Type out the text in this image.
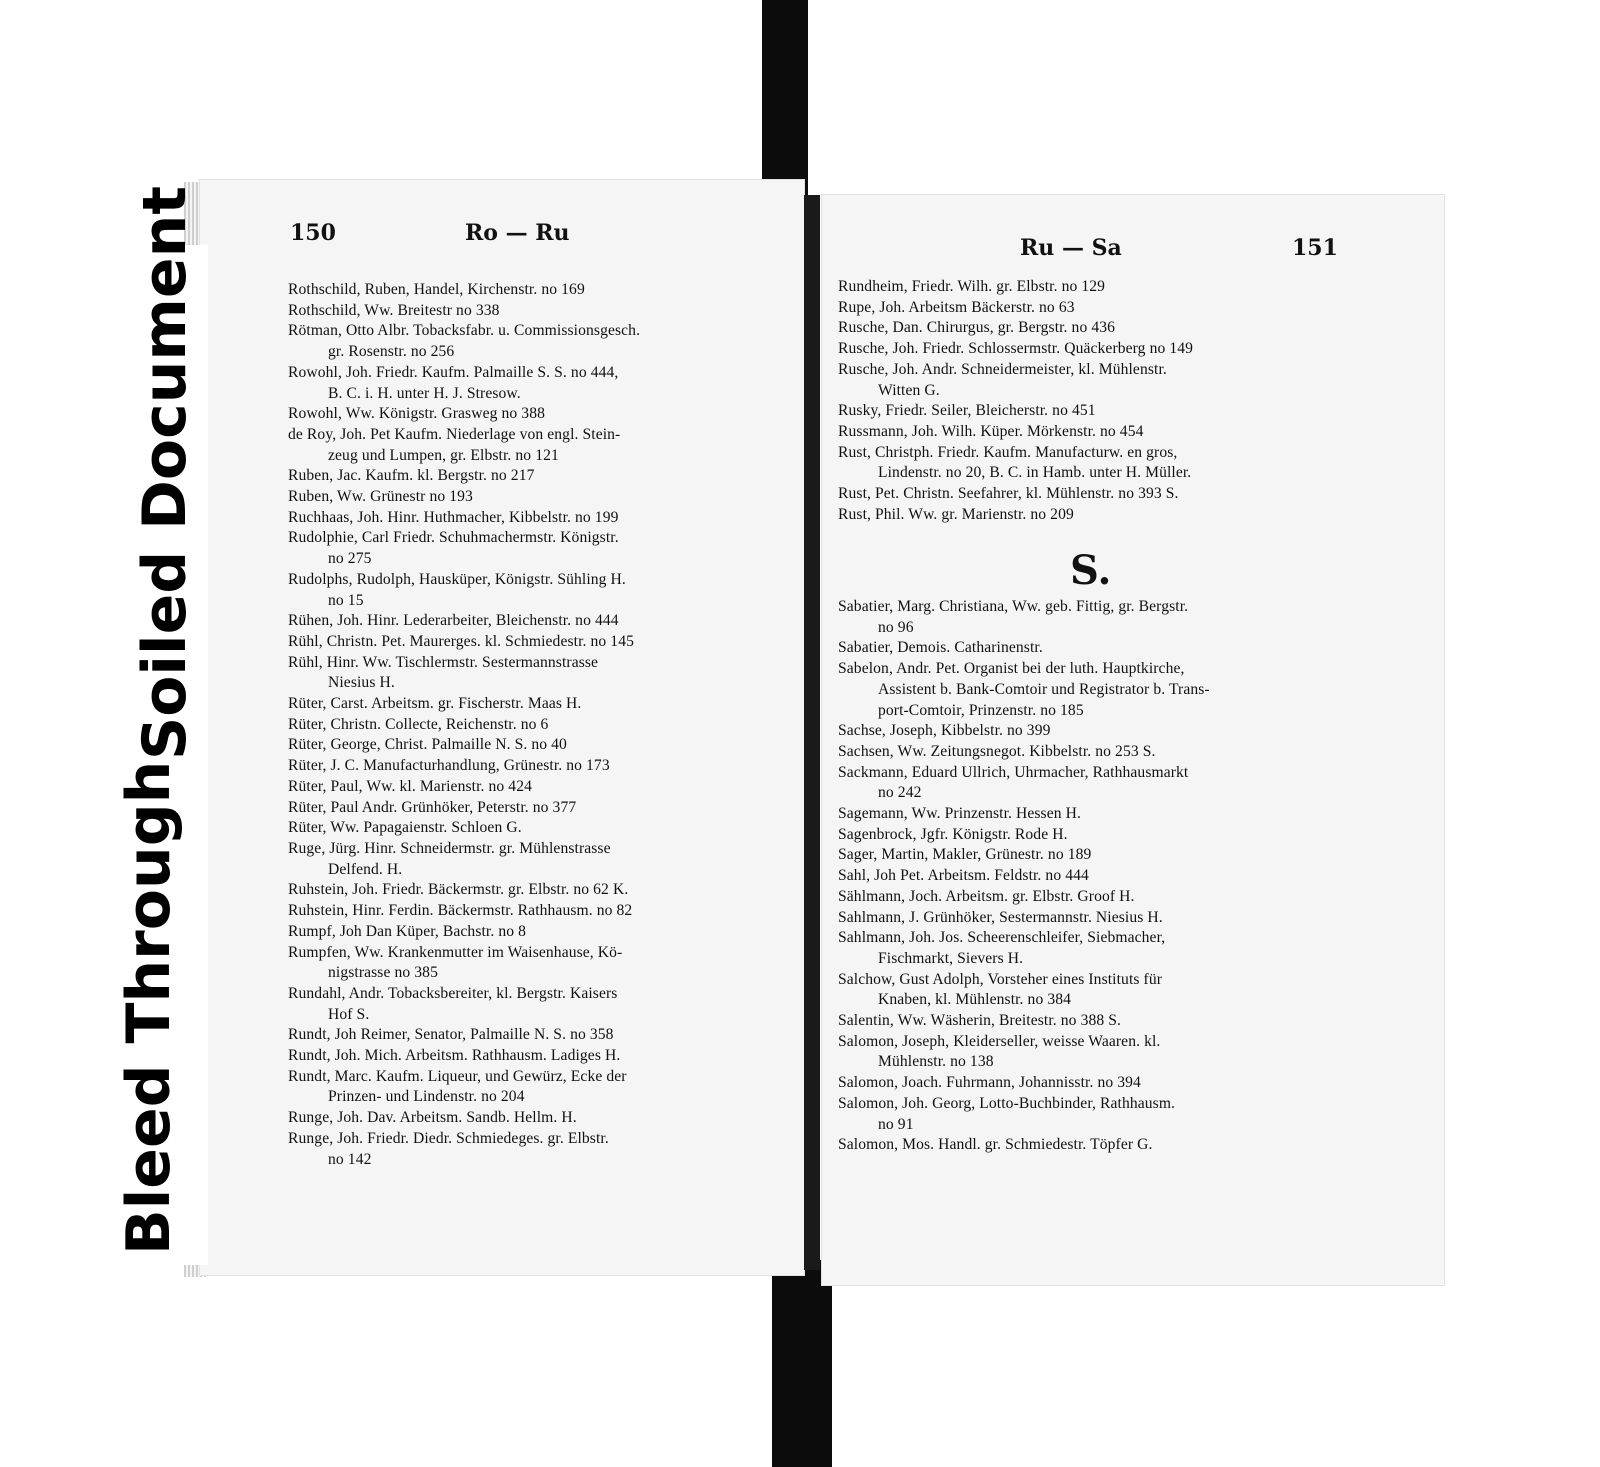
150	Ro — Ru
Rothschild, Ruben, Handel, Kirchenstr. no 169
Rothschild, Ww. Breitestr no 338
Rötman, Otto Albr. Tobacksfabr. u. Commissionsgesch.
gr. Rosenstr. no 256
Rowohl, Joh. Friedr. Kaufm. Palmaille S. S. no 444,
B. C. i. H. unter H. J. Stresow.
Rowohl, Ww. Königstr. Grasweg no 388
de Roy, Joh. Pet Kaufm. Niederlage von engl. Stein-
zeug und Lumpen, gr. Elbstr. no 121
Ruben, Jac. Kaufm. kl. Bergstr. no 217
Ruben, Ww. Grünestr no 193
Ruchhaas, Joh. Hinr. Huthmacher, Kibbelstr. no 199
Rudolphie, Carl Friedr. Schuhmachermstr. Königstr.
no 275
Rudolphs, Rudolph, Hausküper, Königstr. Sühling H.
no 15
Rühen, Joh. Hinr. Lederarbeiter, Bleichenstr. no 444
Rühl, Christn. Pet. Maurerges. kl. Schmiedestr. no 145
Rühl, Hinr. Ww. Tischlermstr. Sestermannstrasse
Niesius H.
Rüter, Carst. Arbeitsm. gr. Fischerstr. Maas H.
Rüter, Christn. Collecte, Reichenstr. no 6
Rüter, George, Christ. Palmaille N. S. no 40
Rüter, J. C. Manufacturhandlung, Grünestr. no 173
Rüter, Paul, Ww. kl. Marienstr. no 424
Rüter, Paul Andr. Grünhöker, Peterstr. no 377
Rüter, Ww. Papagaienstr. Schloen G.
Ruge, Jürg. Hinr. Schneidermstr. gr. Mühlenstrasse
Delfend. H.
Ruhstein, Joh. Friedr. Bäckermstr. gr. Elbstr. no 62 K.
Ruhstein, Hinr. Ferdin. Bäckermstr. Rathhausm. no 82
Rumpf, Joh Dan Küper, Bachstr. no 8
Rumpfen, Ww. Krankenmutter im Waisenhause, Kö-
nigstrasse no 385
Rundahl, Andr. Tobacksbereiter, kl. Bergstr. Kaisers
Hof S.
Rundt, Joh Reimer, Senator, Palmaille N. S. no 358
Rundt, Joh. Mich. Arbeitsm. Rathhausm. Ladiges H.
Rundt, Marc. Kaufm. Liqueur, und Gewürz, Ecke der
Prinzen- und Lindenstr. no 204
Runge, Joh. Dav. Arbeitsm. Sandb. Hellm. H.
Runge, Joh. Friedr. Diedr. Schmiedeges. gr. Elbstr.
no 142
Ru — Sa	151
Rundheim, Friedr. Wilh. gr. Elbstr. no 129
Rupe, Joh. Arbeitsm Bäckerstr. no 63
Rusche, Dan. Chirurgus, gr. Bergstr. no 436
Rusche, Joh. Friedr. Schlossermstr. Quäckerberg no 149
Rusche, Joh. Andr. Schneidermeister, kl. Mühlenstr.
Witten G.
Rusky, Friedr. Seiler, Bleicherstr. no 451
Russmann, Joh. Wilh. Küper. Mörkenstr. no 454
Rust, Christph. Friedr. Kaufm. Manufacturw. en gros,
Lindenstr. no 20, B. C. in Hamb. unter H. Müller.
Rust, Pet. Christn. Seefahrer, kl. Mühlenstr. no 393 S.
Rust, Phil. Ww. gr. Marienstr. no 209
S.
Sabatier, Marg. Christiana, Ww. geb. Fittig, gr. Bergstr.
no 96
Sabatier, Demois. Catharinenstr.
Sabelon, Andr. Pet. Organist bei der luth. Hauptkirche,
Assistent b. Bank-Comtoir und Registrator b. Trans-
port-Comtoir, Prinzenstr. no 185
Sachse, Joseph, Kibbelstr. no 399
Sachsen, Ww. Zeitungsnegot. Kibbelstr. no 253 S.
Sackmann, Eduard Ullrich, Uhrmacher, Rathhausmarkt
no 242
Sagemann, Ww. Prinzenstr. Hessen H.
Sagenbrock, Jgfr. Königstr. Rode H.
Sager, Martin, Makler, Grünestr. no 189
Sahl, Joh Pet. Arbeitsm. Feldstr. no 444
Sählmann, Joch. Arbeitsm. gr. Elbstr. Groof H.
Sahlmann, J. Grünhöker, Sestermannstr. Niesius H.
Sahlmann, Joh. Jos. Scheerenschleifer, Siebmacher,
Fischmarkt, Sievers H.
Salchow, Gust Adolph, Vorsteher eines Instituts für
Knaben, kl. Mühlenstr. no 384
Salentin, Ww. Wäsherin, Breitestr. no 388 S.
Salomon, Joseph, Kleiderseller, weisse Waaren. kl.
Mühlenstr. no 138
Salomon, Joach. Fuhrmann, Johannisstr. no 394
Salomon, Joh. Georg, Lotto-Buchbinder, Rathhausm.
no 91
Salomon, Mos. Handl. gr. Schmiedestr. Töpfer G.
Bleed Through
Soiled Document
